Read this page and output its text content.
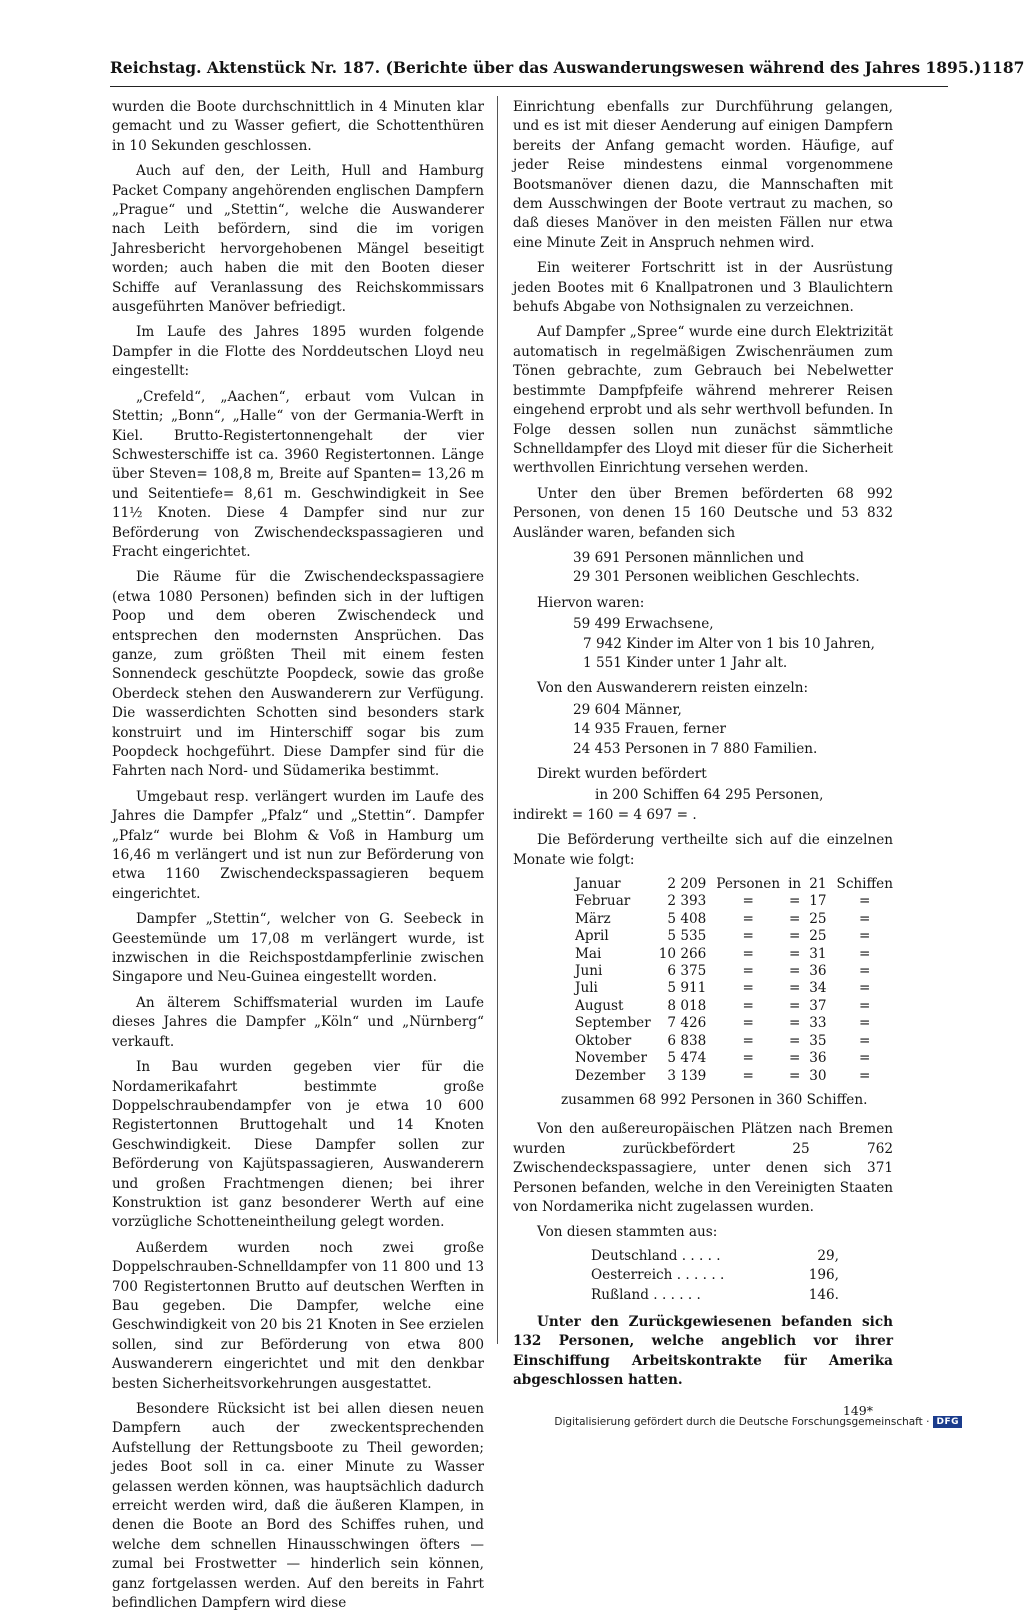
Reichstag. Aktenstück Nr. 187. (Berichte über das Auswanderungswesen während des Jahres 1895.) 1187

wurden die Boote durchschnittlich in 4 Minuten klar gemacht und zu Wasser gefiert, die Schottenthüren in 10 Sekunden geschlossen.

Auch auf den, der Leith, Hull and Hamburg Packet Company angehörenden englischen Dampfern „Prague“ und „Stettin“, welche die Auswanderer nach Leith befördern, sind die im vorigen Jahresbericht hervorgehobenen Mängel beseitigt worden; auch haben die mit den Booten dieser Schiffe auf Veranlassung des Reichskommissars ausgeführten Manöver befriedigt.

Im Laufe des Jahres 1895 wurden folgende Dampfer in die Flotte des Norddeutschen Lloyd neu eingestellt:

„Crefeld“, „Aachen“, erbaut vom Vulcan in Stettin; „Bonn“, „Halle“ von der Germania-Werft in Kiel. Brutto-Registertonnengehalt der vier Schwesterschiffe ist ca. 3960 Registertonnen. Länge über Steven= 108,8 m, Breite auf Spanten= 13,26 m und Seitentiefe= 8,61 m. Geschwindigkeit in See 11½ Knoten. Diese 4 Dampfer sind nur zur Beförderung von Zwischendeckspassagieren und Fracht eingerichtet.

Die Räume für die Zwischendeckspassagiere (etwa 1080 Personen) befinden sich in der luftigen Poop und dem oberen Zwischendeck und entsprechen den modernsten Ansprüchen. Das ganze, zum größten Theil mit einem festen Sonnendeck geschützte Poopdeck, sowie das große Oberdeck stehen den Auswanderern zur Verfügung. Die wasserdichten Schotten sind besonders stark konstruirt und im Hinterschiff sogar bis zum Poopdeck hochgeführt. Diese Dampfer sind für die Fahrten nach Nord- und Südamerika bestimmt.

Umgebaut resp. verlängert wurden im Laufe des Jahres die Dampfer „Pfalz“ und „Stettin“. Dampfer „Pfalz“ wurde bei Blohm & Voß in Hamburg um 16,46 m verlängert und ist nun zur Beförderung von etwa 1160 Zwischendeckspassagieren bequem eingerichtet.

Dampfer „Stettin“, welcher von G. Seebeck in Geestemünde um 17,08 m verlängert wurde, ist inzwischen in die Reichspostdampferlinie zwischen Singapore und Neu-Guinea eingestellt worden.

An älterem Schiffsmaterial wurden im Laufe dieses Jahres die Dampfer „Köln“ und „Nürnberg“ verkauft.

In Bau wurden gegeben vier für die Nordamerikafahrt bestimmte große Doppelschraubendampfer von je etwa 10 600 Registertonnen Bruttogehalt und 14 Knoten Geschwindigkeit. Diese Dampfer sollen zur Beförderung von Kajütspassagieren, Auswanderern und großen Frachtmengen dienen; bei ihrer Konstruktion ist ganz besonderer Werth auf eine vorzügliche Schotteneintheilung gelegt worden.

Außerdem wurden noch zwei große Doppelschrauben-Schnelldampfer von 11 800 und 13 700 Registertonnen Brutto auf deutschen Werften in Bau gegeben. Die Dampfer, welche eine Geschwindigkeit von 20 bis 21 Knoten in See erzielen sollen, sind zur Beförderung von etwa 800 Auswanderern eingerichtet und mit den denkbar besten Sicherheitsvorkehrungen ausgestattet.

Besondere Rücksicht ist bei allen diesen neuen Dampfern auch der zweckentsprechenden Aufstellung der Rettungsboote zu Theil geworden; jedes Boot soll in ca. einer Minute zu Wasser gelassen werden können, was hauptsächlich dadurch erreicht werden wird, daß die äußeren Klampen, in denen die Boote an Bord des Schiffes ruhen, und welche dem schnellen Hinausschwingen öfters — zumal bei Frostwetter — hinderlich sein können, ganz fortgelassen werden. Auf den bereits in Fahrt befindlichen Dampfern wird diese

Einrichtung ebenfalls zur Durchführung gelangen, und es ist mit dieser Aenderung auf einigen Dampfern bereits der Anfang gemacht worden. Häufige, auf jeder Reise mindestens einmal vorgenommene Bootsmanöver dienen dazu, die Mannschaften mit dem Ausschwingen der Boote vertraut zu machen, so daß dieses Manöver in den meisten Fällen nur etwa eine Minute Zeit in Anspruch nehmen wird.

Ein weiterer Fortschritt ist in der Ausrüstung jeden Bootes mit 6 Knallpatronen und 3 Blaulichtern behufs Abgabe von Nothsignalen zu verzeichnen.

Auf Dampfer „Spree“ wurde eine durch Elektrizität automatisch in regelmäßigen Zwischenräumen zum Tönen gebrachte, zum Gebrauch bei Nebelwetter bestimmte Dampfpfeife während mehrerer Reisen eingehend erprobt und als sehr werthvoll befunden. In Folge dessen sollen nun zunächst sämmtliche Schnelldampfer des Lloyd mit dieser für die Sicherheit werthvollen Einrichtung versehen werden.

Unter den über Bremen beförderten 68 992 Personen, von denen 15 160 Deutsche und 53 832 Ausländer waren, befanden sich

39 691 Personen männlichen und
29 301 Personen weiblichen Geschlechts.
Hiervon waren:
59 499 Erwachsene,
7 942 Kinder im Alter von 1 bis 10 Jahren,
1 551 Kinder unter 1 Jahr alt.
Von den Auswanderern reisten einzeln:
29 604 Männer,
14 935 Frauen, ferner
24 453 Personen in 7 880 Familien.
Direkt wurden befördert
in 200 Schiffen 64 295 Personen,
indirekt = 160 = 4 697 = .

Die Beförderung vertheilte sich auf die einzelnen Monate wie folgt:

Januar	2 209	Personen	in	21	Schiffen
Februar	2 393	=	=	17	=
März	5 408	=	=	25	=
April	5 535	=	=	25	=
Mai	10 266	=	=	31	=
Juni	6 375	=	=	36	=
Juli	5 911	=	=	34	=
August	8 018	=	=	37	=
September	7 426	=	=	33	=
Oktober	6 838	=	=	35	=
November	5 474	=	=	36	=
Dezember	3 139	=	=	30	=
zusammen 68 992 Personen in 360 Schiffen.

Von den außereuropäischen Plätzen nach Bremen wurden zurückbefördert 25 762 Zwischendeckspassagiere, unter denen sich 371 Personen befanden, welche in den Vereinigten Staaten von Nordamerika nicht zugelassen wurden.

Von diesen stammten aus:
Deutschland . . . . .	29,
Oesterreich . . . . . .	196,
Rußland . . . . . .	146.

Unter den Zurückgewiesenen befanden sich 132 Personen, welche angeblich vor ihrer Einschiffung Arbeitskontrakte für Amerika abgeschlossen hatten.

149*
Digitalisierung gefördert durch die Deutsche Forschungsgemeinschaft · DFG
